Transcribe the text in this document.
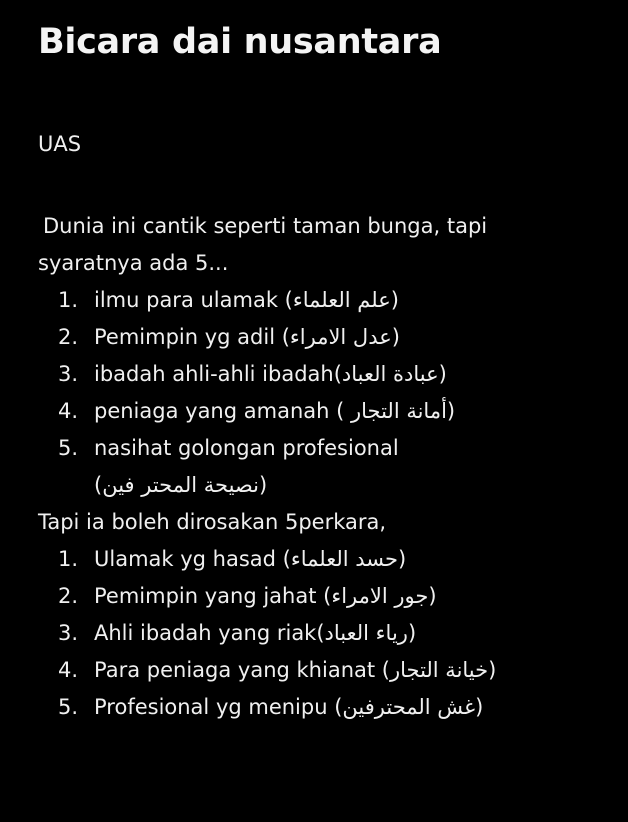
Bicara dai nusantara
UAS

Dunia ini cantik seperti taman bunga, tapi

syaratnya ada 5...

1. ilmu para ulamak (علم العلماء)
2. Pemimpin yg adil (عدل الامراء)
3. ibadah ahli-ahli ibadah(عبادة العباد)
4. peniaga yang amanah ( أمانة التجار)
5. nasihat golongan profesional
(نصيحة المحتر فين)

Tapi ia boleh dirosakan 5perkara,

1. Ulamak yg hasad (حسد العلماء)
2. Pemimpin yang jahat (جور الامراء)
3. Ahli ibadah yang riak(رياء العباد)
4. Para peniaga yang khianat (خيانة التجار)
5. Profesional yg menipu (غش المحترفين)
